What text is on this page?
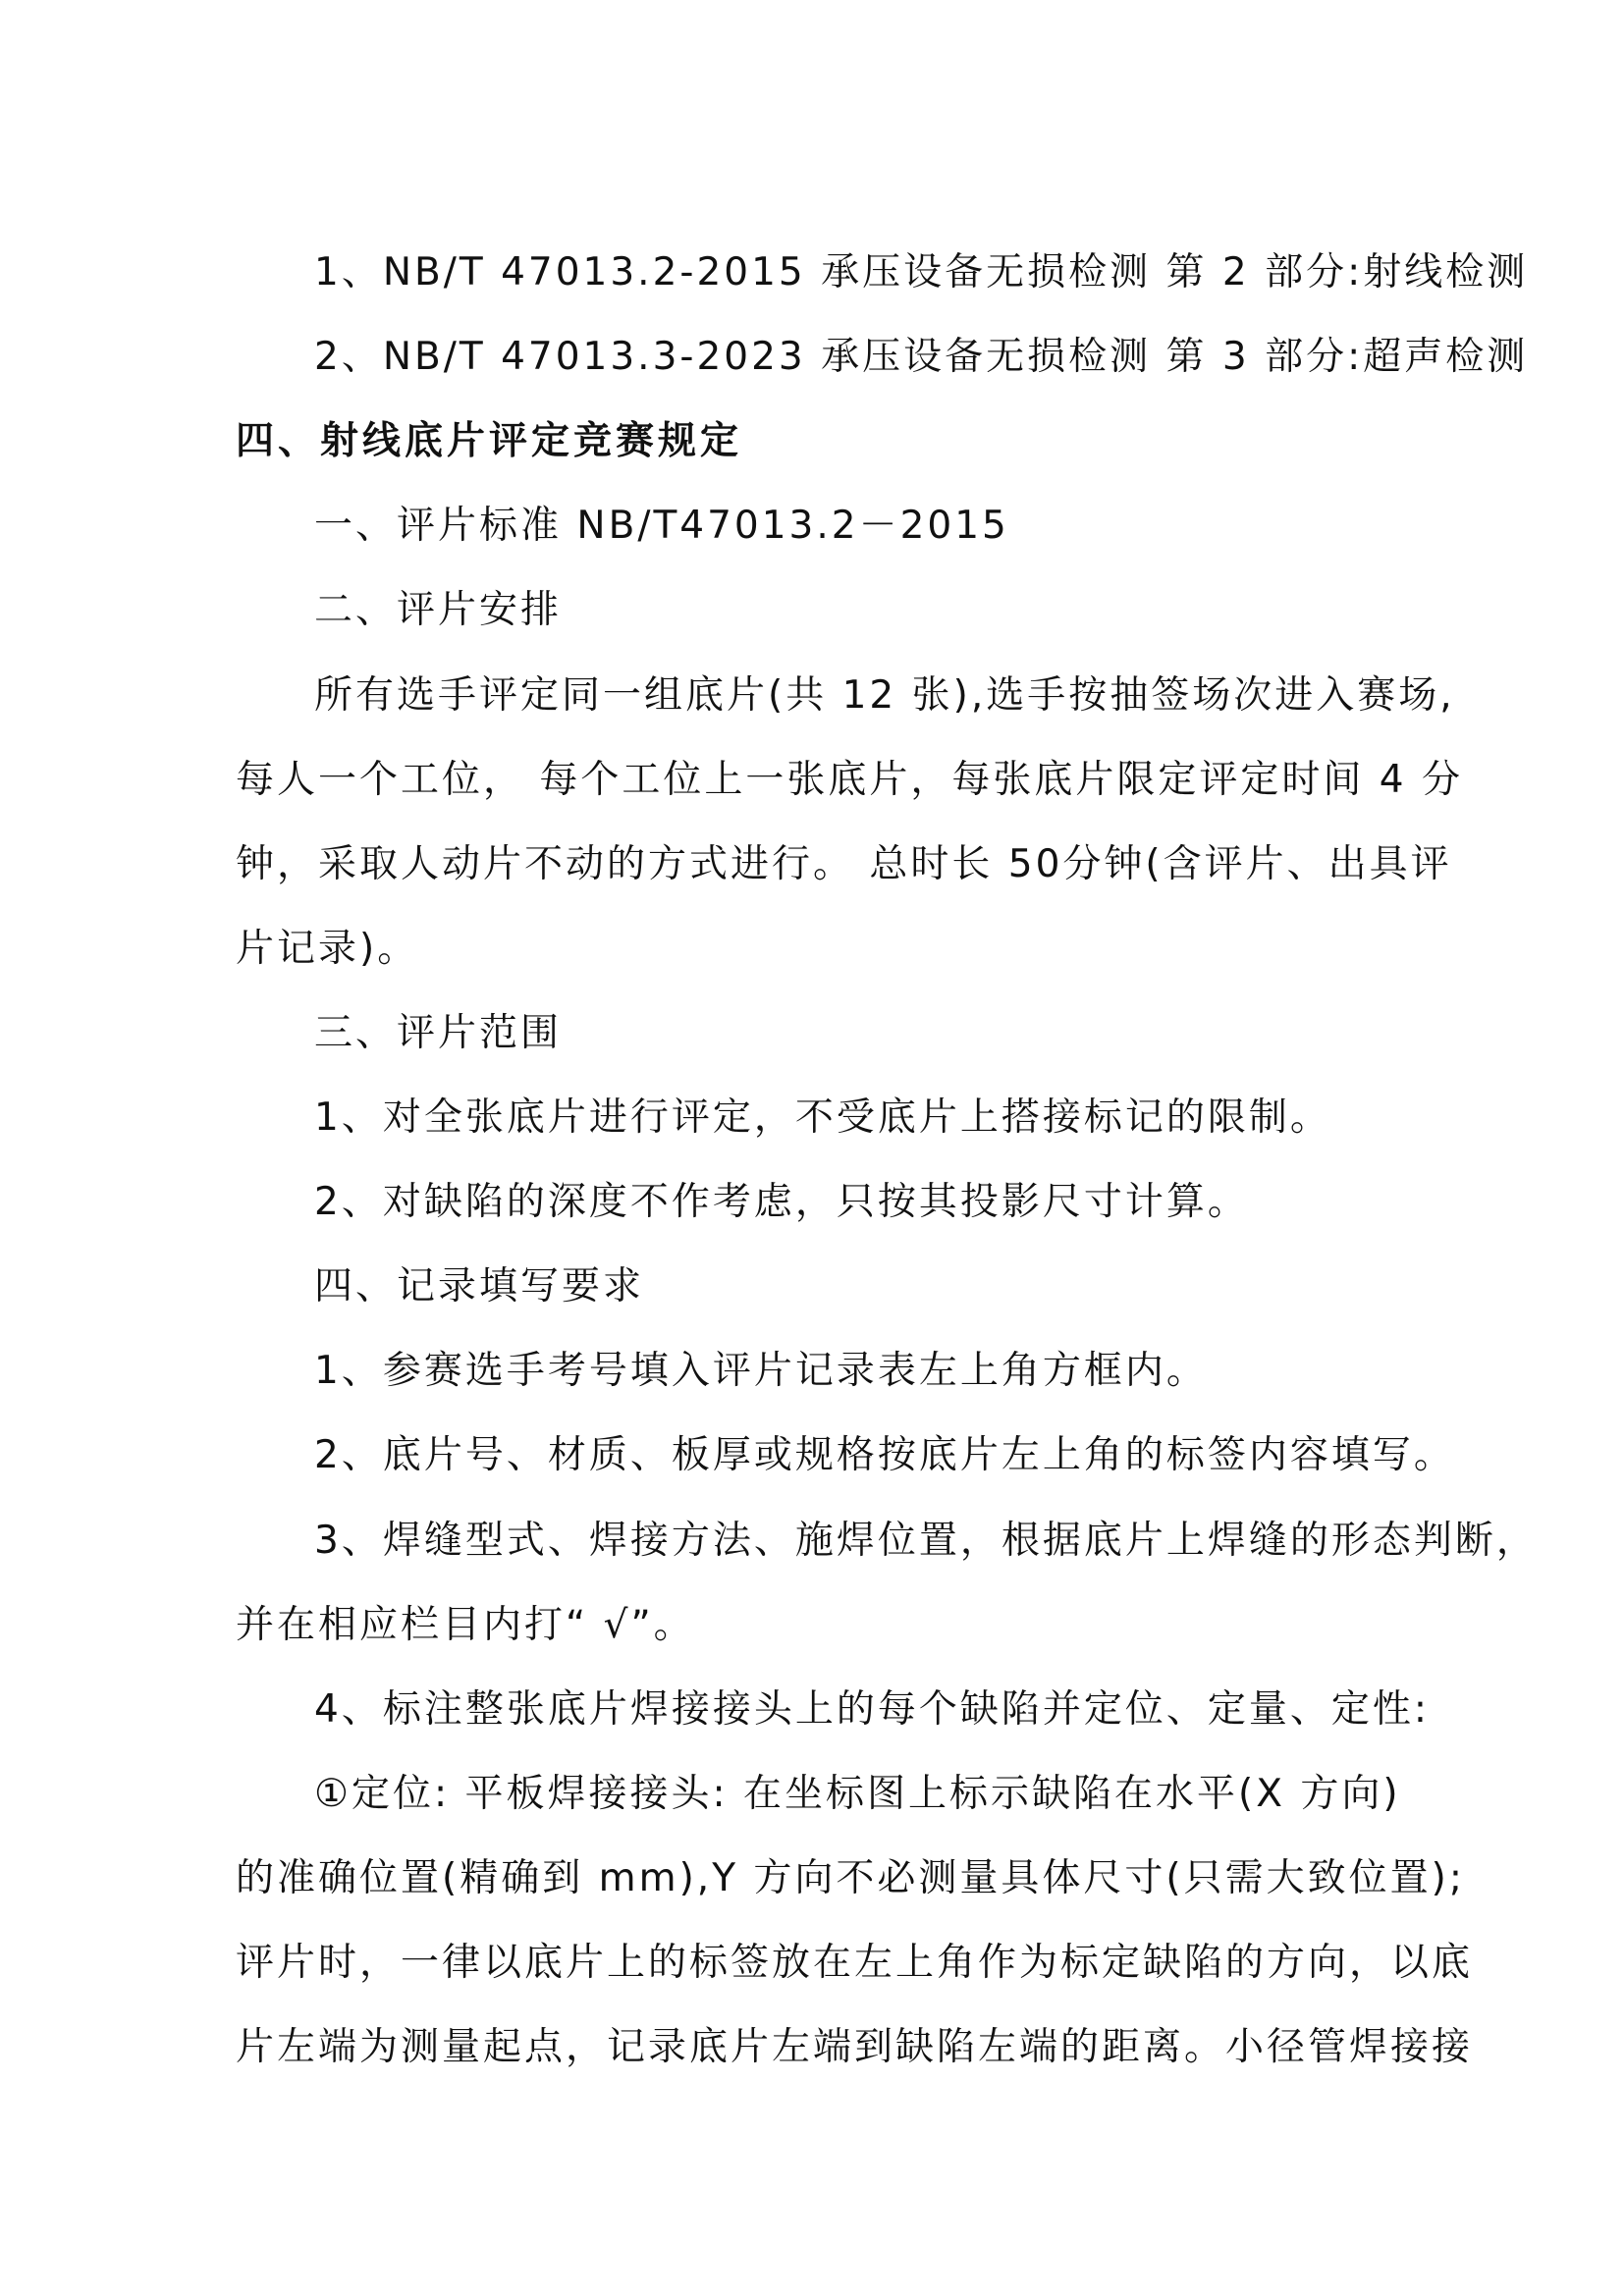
1、NB/T 47013.2-2015 承压设备无损检测 第 2 部分:射线检测
2、NB/T 47013.3-2023 承压设备无损检测 第 3 部分:超声检测
四、射线底片评定竞赛规定
一、评片标准 NB/T47013.2－2015
二、评片安排
所有选手评定同一组底片(共 12 张),选手按抽签场次进入赛场,
每人一个工位， 每个工位上一张底片，每张底片限定评定时间 4 分
钟，采取人动片不动的方式进行。 总时长 50分钟(含评片、出具评
片记录)。
三、评片范围
1、对全张底片进行评定，不受底片上搭接标记的限制。
2、对缺陷的深度不作考虑，只按其投影尺寸计算。
四、记录填写要求
1、参赛选手考号填入评片记录表左上角方框内。
2、底片号、材质、板厚或规格按底片左上角的标签内容填写。
3、焊缝型式、焊接方法、施焊位置，根据底片上焊缝的形态判断，
并在相应栏目内打“ √”。
4、标注整张底片焊接接头上的每个缺陷并定位、定量、定性:
①定位: 平板焊接接头: 在坐标图上标示缺陷在水平(X 方向)
的准确位置(精确到 mm),Y 方向不必测量具体尺寸(只需大致位置);
评片时，一律以底片上的标签放在左上角作为标定缺陷的方向，以底
片左端为测量起点，记录底片左端到缺陷左端的距离。小径管焊接接
